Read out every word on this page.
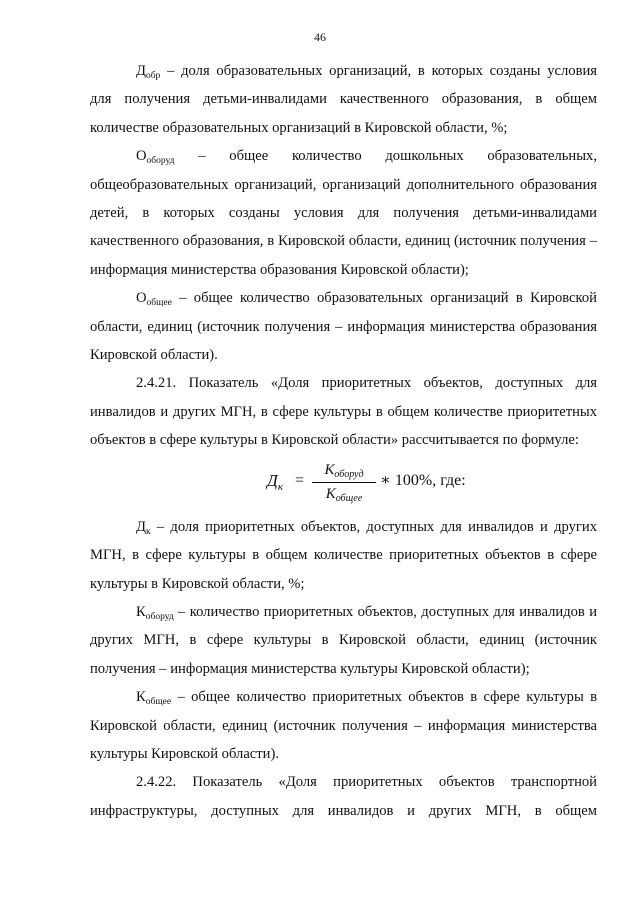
46

$Д_{обр}$ – доля образовательных организаций, в которых созданы условия для получения детьми-инвалидами качественного образования, в общем количестве образовательных организаций в Кировской области, %;

$О_{оборуд}$ – общее количество дошкольных образовательных, общеобразовательных организаций, организаций дополнительного образования детей, в которых созданы условия для получения детьми-инвалидами качественного образования, в Кировской области, единиц (источник получения – информация министерства образования Кировской области);

$О_{общее}$ – общее количество образовательных организаций в Кировской области, единиц (источник получения – информация министерства образования Кировской области).

2.4.21. Показатель «Доля приоритетных объектов, доступных для инвалидов и других МГН, в сфере культуры в общем количестве приоритетных объектов в сфере культуры в Кировской области» рассчитывается по формуле:

$Д_к$ =
$К_{оборуд}$
$К_{общее}$
∗ 100%, где:

$Д_к$ – доля приоритетных объектов, доступных для инвалидов и других МГН, в сфере культуры в общем количестве приоритетных объектов в сфере культуры в Кировской области, %;

$К_{оборуд}$ – количество приоритетных объектов, доступных для инвалидов и других МГН, в сфере культуры в Кировской области, единиц (источник получения – информация министерства культуры Кировской области);

$К_{общее}$ – общее количество приоритетных объектов в сфере культуры в Кировской области, единиц (источник получения – информация министерства культуры Кировской области).

2.4.22. Показатель «Доля приоритетных объектов транспортной инфраструктуры, доступных для инвалидов и других МГН, в общем
